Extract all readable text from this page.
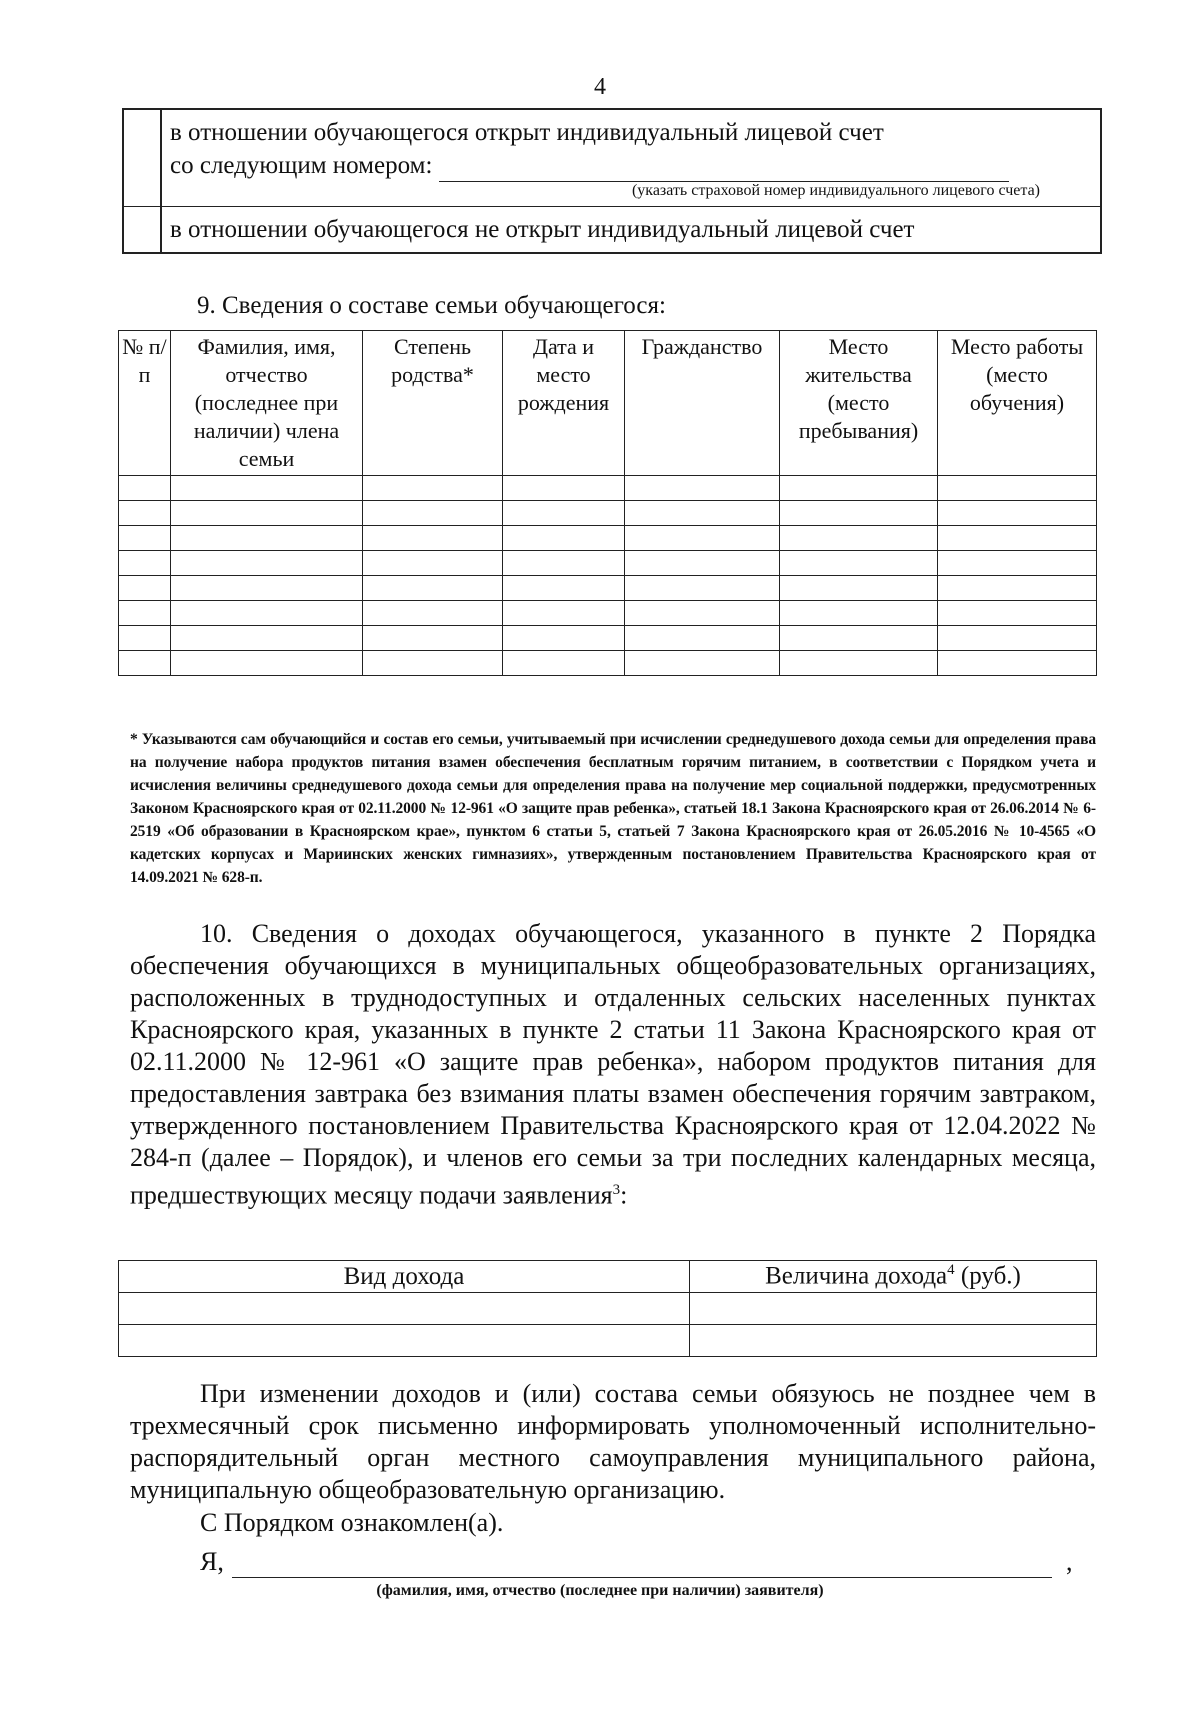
4
в отношении обучающегося открыт индивидуальный лицевой счет
со следующим номером:
(указать страховой номер индивидуального лицевого счета)
в отношении обучающегося не открыт индивидуальный лицевой счет
9. Сведения о составе семьи обучающегося:
№ п/п	Фамилия, имя, отчество (последнее при наличии) члена семьи	Степень родства*	Дата и место рождения	Гражданство	Место жительства (место пребывания)	Место работы (место обучения)

* Указываются сам обучающийся и состав его семьи, учитываемый при исчислении среднедушевого дохода семьи для определения права на получение набора продуктов питания взамен обеспечения бесплатным горячим питанием, в соответствии с Порядком учета и исчисления величины среднедушевого дохода семьи для определения права на получение мер социальной поддержки, предусмотренных Законом Красноярского края от 02.11.2000 № 12-961 «О защите прав ребенка», статьей 18.1 Закона Красноярского края от 26.06.2014 № 6-2519 «Об образовании в Красноярском крае», пунктом 6 статьи 5, статьей 7 Закона Красноярского края от 26.05.2016 № 10-4565 «О кадетских корпусах и Мариинских женских гимназиях», утвержденным постановлением Правительства Красноярского края от 14.09.2021 № 628-п.

10. Сведения о доходах обучающегося, указанного в пункте 2 Порядка обеспечения обучающихся в муниципальных общеобразовательных организациях, расположенных в труднодоступных и отдаленных сельских населенных пунктах Красноярского края, указанных в пункте 2 статьи 11 Закона Красноярского края от 02.11.2000 № 12-961 «О защите прав ребенка», набором продуктов питания для предоставления завтрака без взимания платы взамен обеспечения горячим завтраком, утвержденного постановлением Правительства Красноярского края от 12.04.2022 № 284-п (далее – Порядок), и членов его семьи за три последних календарных месяца, предшествующих месяцу подачи заявления$^3$:

Вид дохода	Величина дохода$^4$ (руб.)

При изменении доходов и (или) состава семьи обязуюсь не позднее чем в трехмесячный срок письменно информировать уполномоченный исполнительно-распорядительный орган местного самоуправления муниципального района, муниципальную общеобразовательную организацию.

С Порядком ознакомлен(а).
Я,	,
(фамилия, имя, отчество (последнее при наличии) заявителя)
